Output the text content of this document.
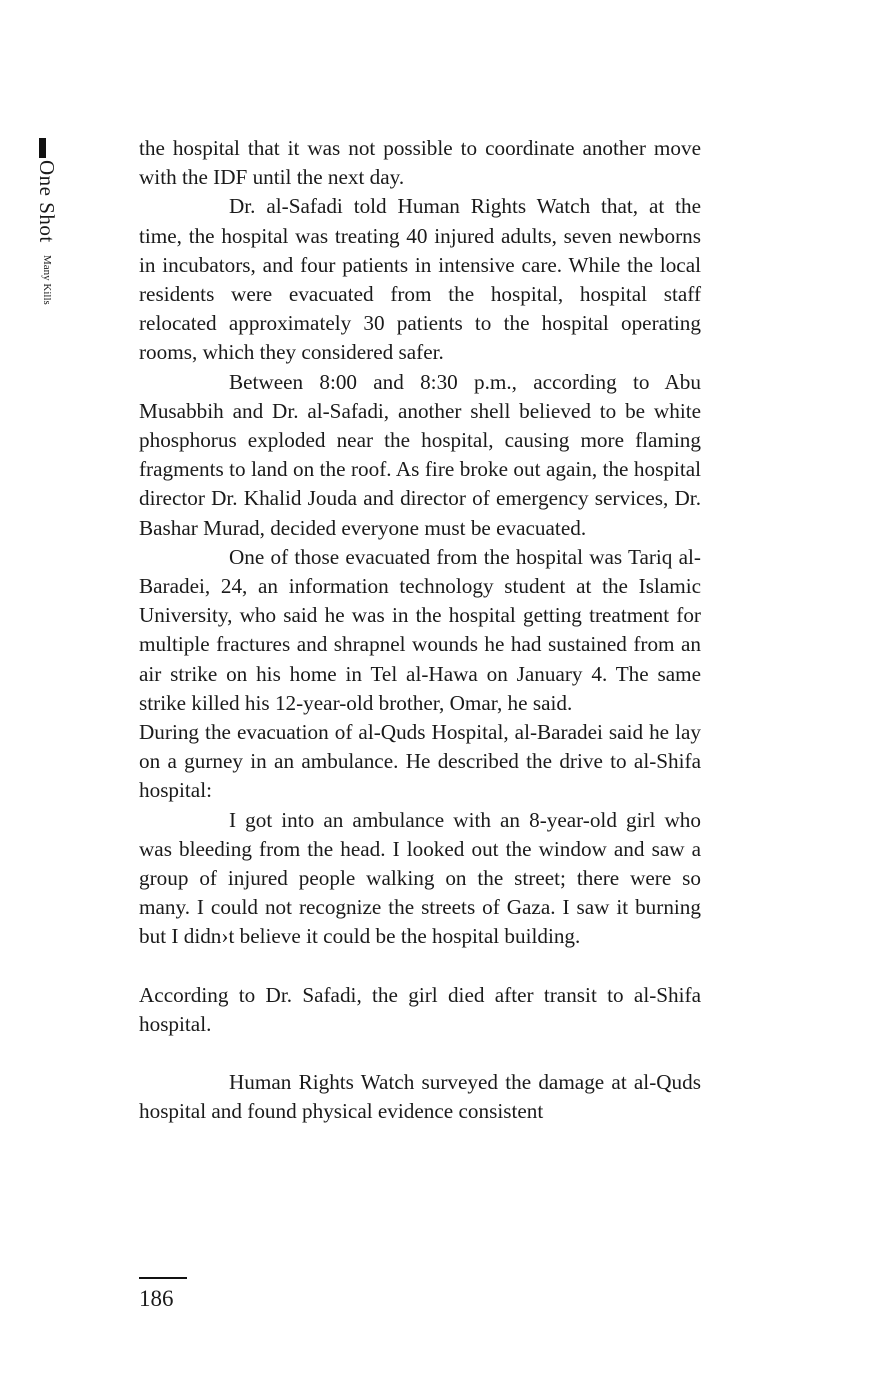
One Shot Many Kills

the hospital that it was not possible to coordinate another move with the IDF until the next day.

Dr. al-Safadi told Human Rights Watch that, at the time, the hospital was treating 40 injured adults, seven newborns in incubators, and four patients in intensive care. While the local residents were evacuated from the hospital, hospital staff relocated approximately 30 patients to the hospital operating rooms, which they considered safer.

Between 8:00 and 8:30 p.m., according to Abu Musabbih and Dr. al-Safadi, another shell believed to be white phosphorus exploded near the hospital, causing more flaming fragments to land on the roof. As fire broke out again, the hospital director Dr. Khalid Jouda and director of emergency services, Dr. Bashar Murad, decided everyone must be evacuated.

One of those evacuated from the hospital was Tariq al-Baradei, 24, an information technology student at the Islamic University, who said he was in the hospital getting treatment for multiple fractures and shrapnel wounds he had sustained from an air strike on his home in Tel al-Hawa on January 4. The same strike killed his 12-year-old brother, Omar, he said.

During the evacuation of al-Quds Hospital, al-Baradei said he lay on a gurney in an ambulance. He described the drive to al-Shifa hospital:

I got into an ambulance with an 8-year-old girl who was bleeding from the head. I looked out the window and saw a group of injured people walking on the street; there were so many. I could not recognize the streets of Gaza. I saw it burning but I didn›t believe it could be the hospital building.

According to Dr. Safadi, the girl died after transit to al-Shifa hospital.

Human Rights Watch surveyed the damage at al-Quds hospital and found physical evidence consistent

186
